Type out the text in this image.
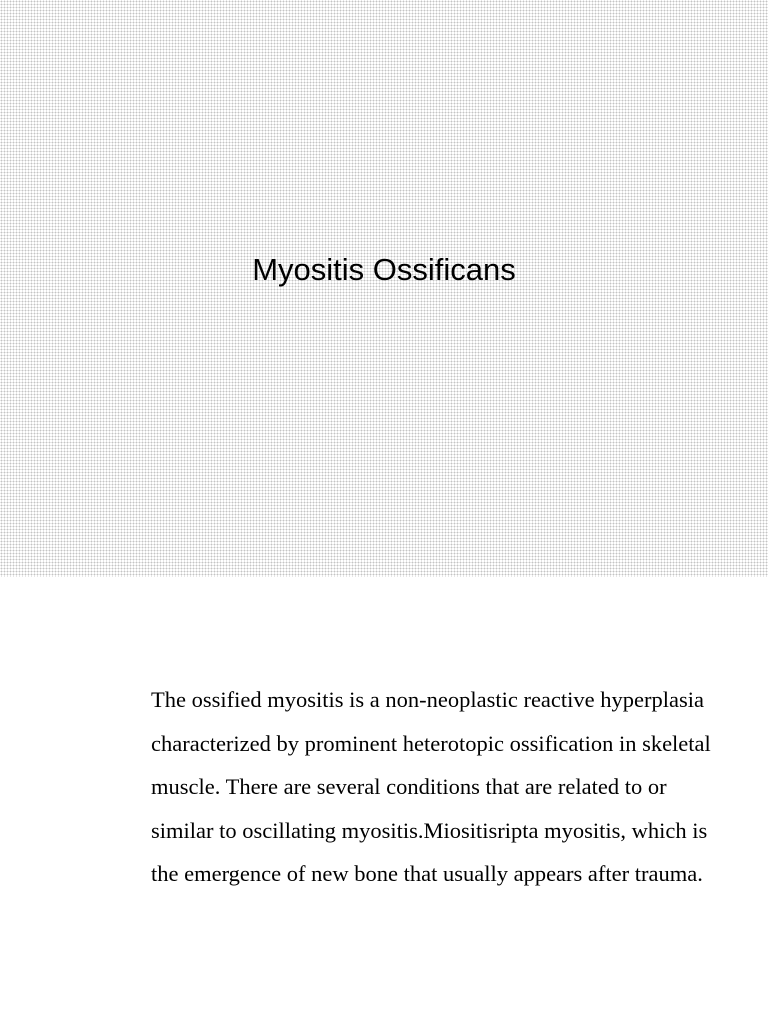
Myositis Ossificans

The ossified myositis is a non-neoplastic reactive hyperplasia
characterized by prominent heterotopic ossification in skeletal
muscle. There are several conditions that are related to or
similar to oscillating myositis.Miositisripta myositis, which is
the emergence of new bone that usually appears after trauma.
